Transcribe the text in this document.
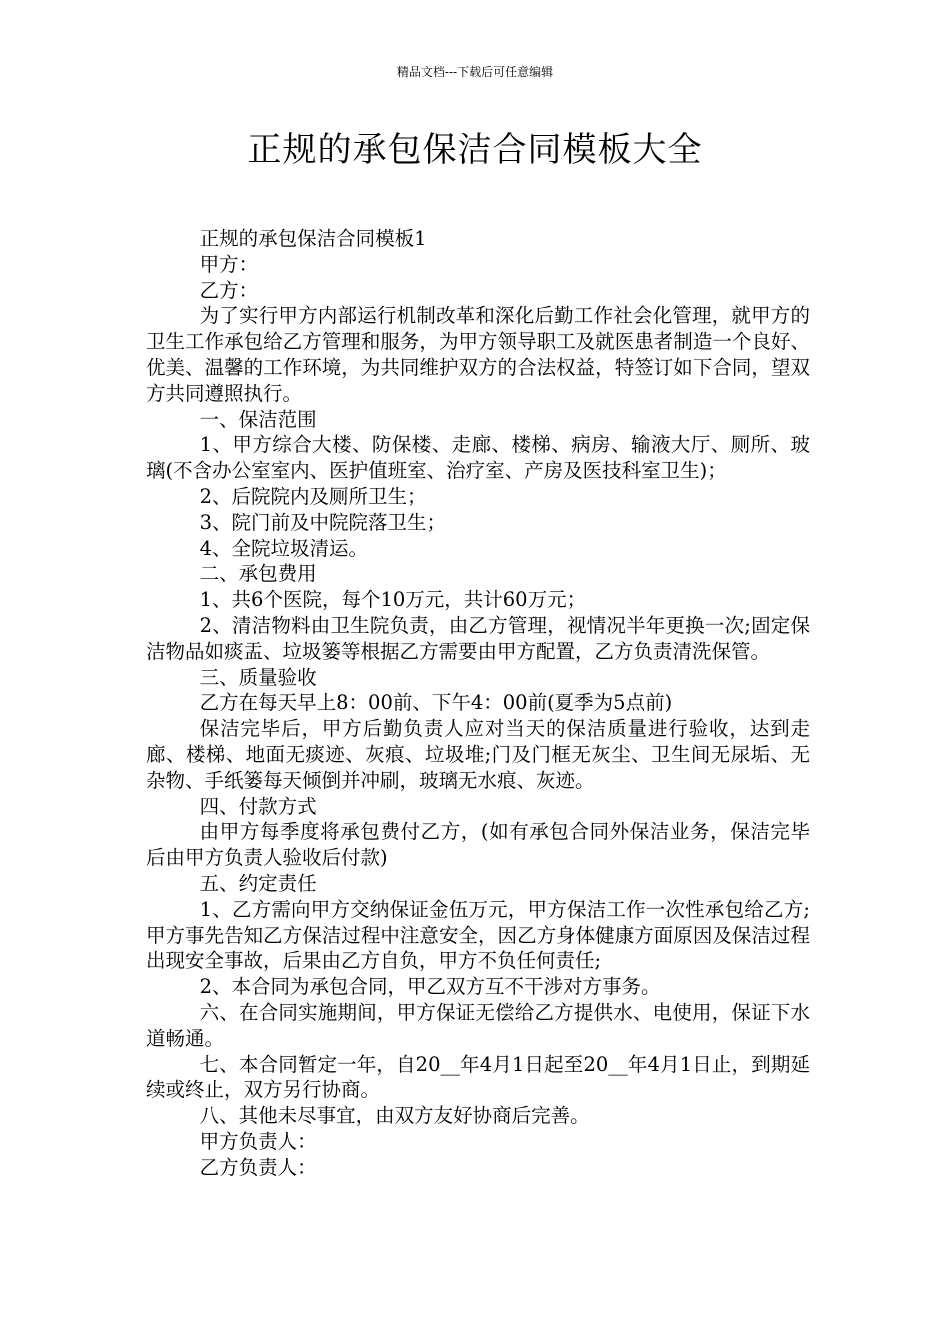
精品文档---下载后可任意编辑
正规的承包保洁合同模板大全

正规的承包保洁合同模板1

甲方：

乙方：

为了实行甲方内部运行机制改革和深化后勤工作社会化管理，就甲方的卫生工作承包给乙方管理和服务，为甲方领导职工及就医患者制造一个良好、优美、温馨的工作环境，为共同维护双方的合法权益，特签订如下合同，望双方共同遵照执行。

一、保洁范围

1、甲方综合大楼、防保楼、走廊、楼梯、病房、输液大厅、厕所、玻璃(不含办公室室内、医护值班室、治疗室、产房及医技科室卫生)；

2、后院院内及厕所卫生；

3、院门前及中院院落卫生；

4、全院垃圾清运。

二、承包费用

1、共6个医院，每个10万元，共计60万元；

2、清洁物料由卫生院负责，由乙方管理，视情况半年更换一次;固定保洁物品如痰盂、垃圾篓等根据乙方需要由甲方配置，乙方负责清洗保管。

三、质量验收

乙方在每天早上8：00前、下午4：00前(夏季为5点前)

保洁完毕后，甲方后勤负责人应对当天的保洁质量进行验收，达到走廊、楼梯、地面无痰迹、灰痕、垃圾堆;门及门框无灰尘、卫生间无尿垢、无杂物、手纸篓每天倾倒并冲刷，玻璃无水痕、灰迹。

四、付款方式

由甲方每季度将承包费付乙方，(如有承包合同外保洁业务，保洁完毕后由甲方负责人验收后付款)

五、约定责任

1、乙方需向甲方交纳保证金伍万元，甲方保洁工作一次性承包给乙方;甲方事先告知乙方保洁过程中注意安全，因乙方身体健康方面原因及保洁过程出现安全事故，后果由乙方自负，甲方不负任何责任;

2、本合同为承包合同，甲乙双方互不干涉对方事务。

六、在合同实施期间，甲方保证无偿给乙方提供水、电使用，保证下水道畅通。

七、本合同暂定一年，自20__年4月1日起至20__年4月1日止，到期延续或终止，双方另行协商。

八、其他未尽事宜，由双方友好协商后完善。

甲方负责人：

乙方负责人：
